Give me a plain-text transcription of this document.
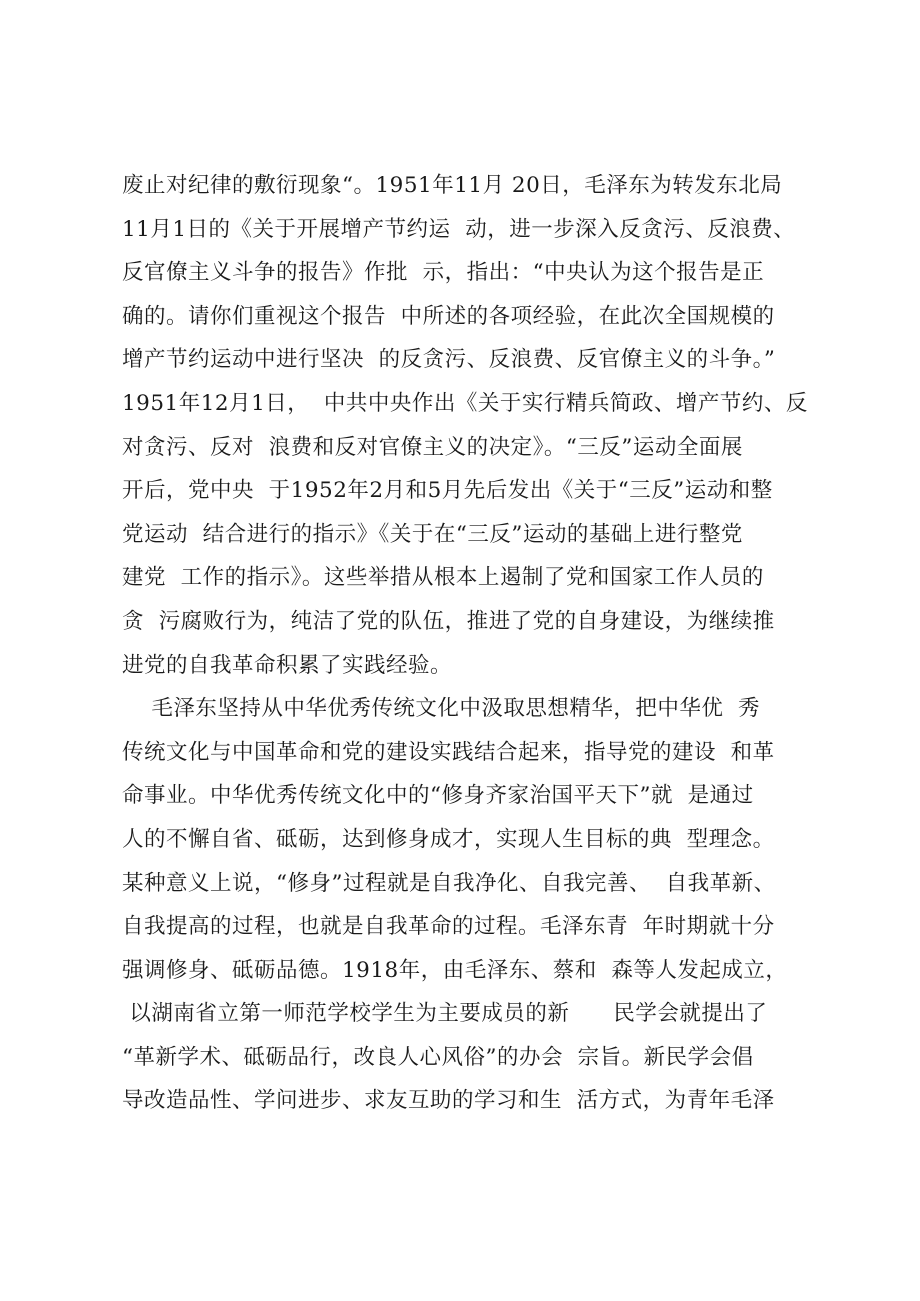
废止对纪律的敷衍现象“。1951年11月 20日，毛泽东为转发东北局
11月1日的《关于开展增产节约运  动，进一步深入反贪污、反浪费、
反官僚主义斗争的报告》作批  示，指出：“中央认为这个报告是正
确的。请你们重视这个报告  中所述的各项经验，在此次全国规模的
增产节约运动中进行坚决  的反贪污、反浪费、反官僚主义的斗争。”
1951年12月1日，  中共中央作出《关于实行精兵简政、增产节约、反
对贪污、反对  浪费和反对官僚主义的决定》。“三反”运动全面展
开后，党中央  于1952年2月和5月先后发出《关于“三反”运动和整
党运动  结合进行的指示》《关于在“三反”运动的基础上进行整党
建党  工作的指示》。这些举措从根本上遏制了党和国家工作人员的
贪  污腐败行为，纯洁了党的队伍，推进了党的自身建设，为继续推
进党的自我革命积累了实践经验。
毛泽东坚持从中华优秀传统文化中汲取思想精华，把中华优  秀
传统文化与中国革命和党的建设实践结合起来，指导党的建设  和革
命事业。中华优秀传统文化中的“修身齐家治国平天下”就  是通过
人的不懈自省、砥砺，达到修身成才，实现人生目标的典  型理念。
某种意义上说，“修身”过程就是自我净化、自我完善、  自我革新、
自我提高的过程，也就是自我革命的过程。毛泽东青  年时期就十分
强调修身、砥砺品德。1918年，由毛泽东、蔡和  森等人发起成立，
以湖南省立第一师范学校学生为主要成员的新      民学会就提出了
“革新学术、砥砺品行，改良人心风俗”的办会  宗旨。新民学会倡
导改造品性、学问进步、求友互助的学习和生  活方式，为青年毛泽
